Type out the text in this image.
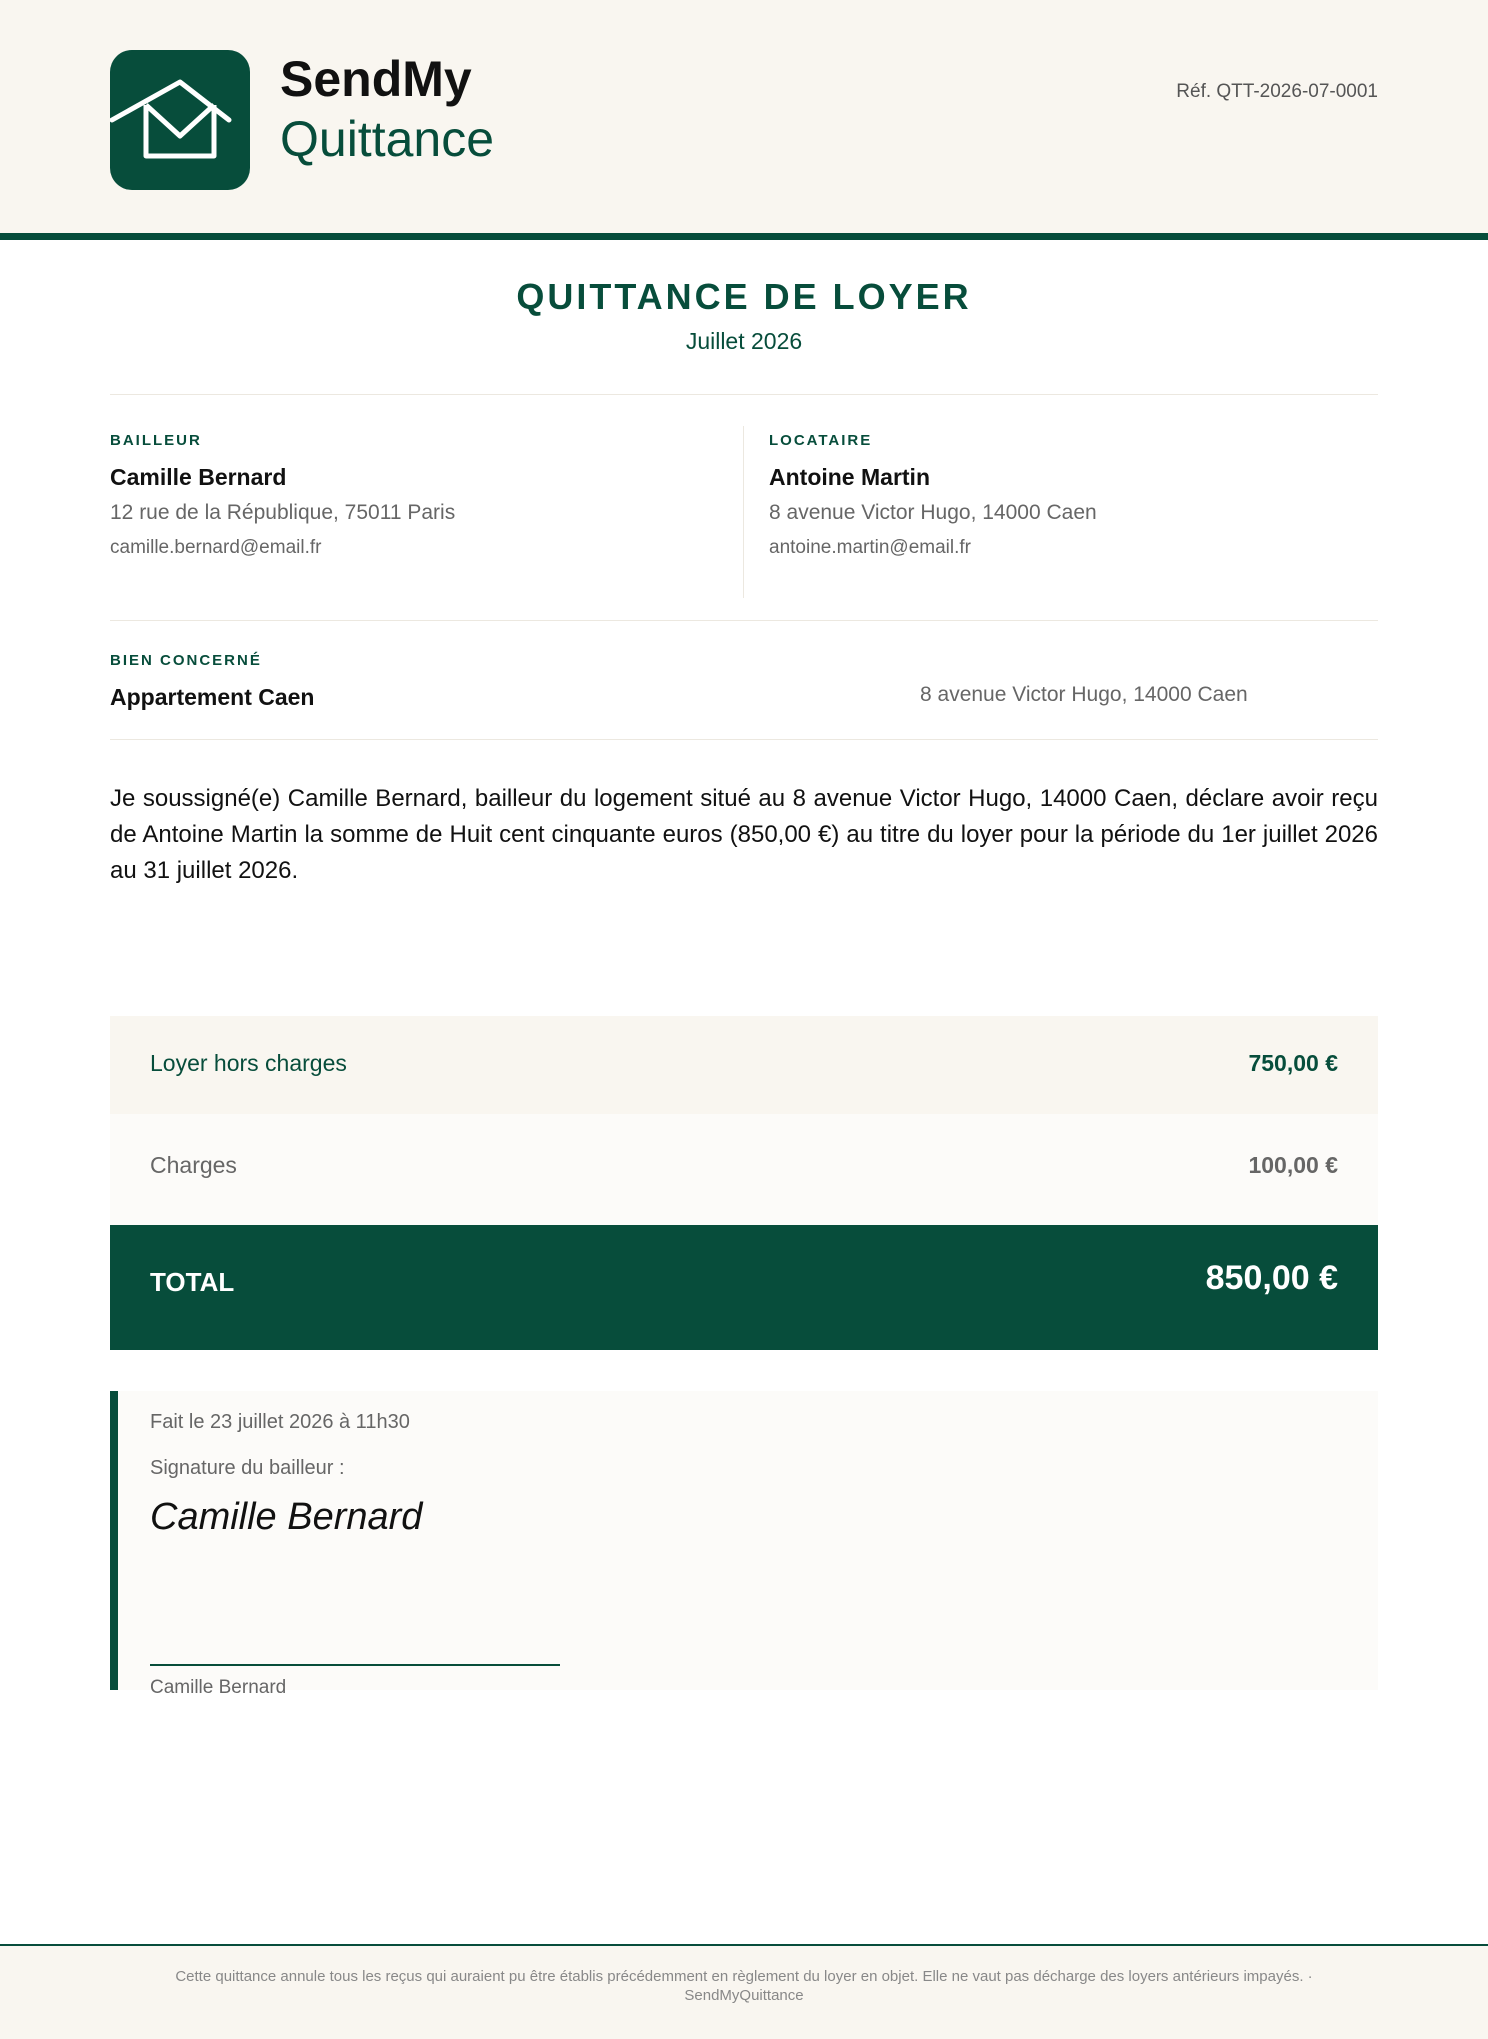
SendMy
Quittance
Réf. QTT-2026-07-0001
QUITTANCE DE LOYER
Juillet 2026
BAILLEUR
Camille Bernard
12 rue de la République, 75011 Paris
camille.bernard@email.fr
LOCATAIRE
Antoine Martin
8 avenue Victor Hugo, 14000 Caen
antoine.martin@email.fr
BIEN CONCERNÉ
Appartement Caen	8 avenue Victor Hugo, 14000 Caen
Je soussigné(e) Camille Bernard, bailleur du logement situé au 8 avenue Victor Hugo, 14000 Caen, déclare avoir reçu de Antoine Martin la somme de Huit cent cinquante euros (850,00 €) au titre du loyer pour la période du 1er juillet 2026 au 31 juillet 2026.
Loyer hors charges	750,00 €
Charges	100,00 €
TOTAL	850,00 €
Fait le 23 juillet 2026 à 11h30
Signature du bailleur :
Camille Bernard
Camille Bernard
Cette quittance annule tous les reçus qui auraient pu être établis précédemment en règlement du loyer en objet. Elle ne vaut pas décharge des loyers antérieurs impayés. · SendMyQuittance
